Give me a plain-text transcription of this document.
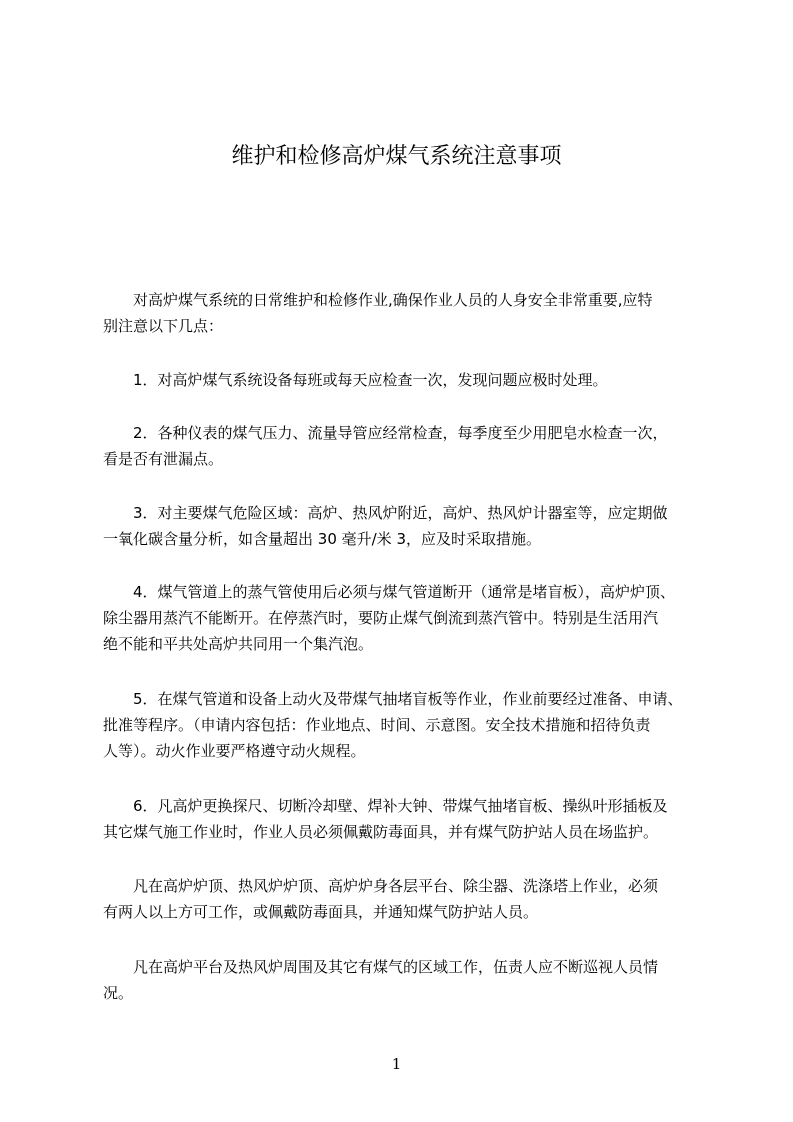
维护和检修高炉煤气系统注意事项
　　对高炉煤气系统的日常维护和检修作业,确保作业人员的人身安全非常重要,应特
别注意以下几点：
　　1．对高炉煤气系统设备每班或每天应检查一次，发现问题应极时处理。
　　2．各种仪表的煤气压力、流量导管应经常检查，每季度至少用肥皂水检查一次，
看是否有泄漏点。
　　3．对主要煤气危险区域：高炉、热风炉附近，高炉、热风炉计器室等，应定期做
一氧化碳含量分析，如含量超出 30 毫升/米 3，应及时采取措施。
　　4．煤气管道上的蒸气管使用后必须与煤气管道断开（通常是堵盲板），高炉炉顶、
除尘器用蒸汽不能断开。在停蒸汽时，要防止煤气倒流到蒸汽管中。特别是生活用汽
绝不能和平共处高炉共同用一个集汽泡。
　　5．在煤气管道和设备上动火及带煤气抽堵盲板等作业，作业前要经过准备、申请、
批准等程序。（申请内容包括：作业地点、时间、示意图。安全技术措施和招待负责
人等）。动火作业要严格遵守动火规程。
　　6．凡高炉更换探尺、切断冷却壁、焊补大钟、带煤气抽堵盲板、操纵叶形插板及
其它煤气施工作业时，作业人员必须佩戴防毒面具，并有煤气防护站人员在场监护。
　　凡在高炉炉顶、热风炉炉顶、高炉炉身各层平台、除尘器、洗涤塔上作业，必须
有两人以上方可工作，或佩戴防毒面具，并通知煤气防护站人员。
　　凡在高炉平台及热风炉周围及其它有煤气的区域工作，伍责人应不断巡视人员情
况。
1
